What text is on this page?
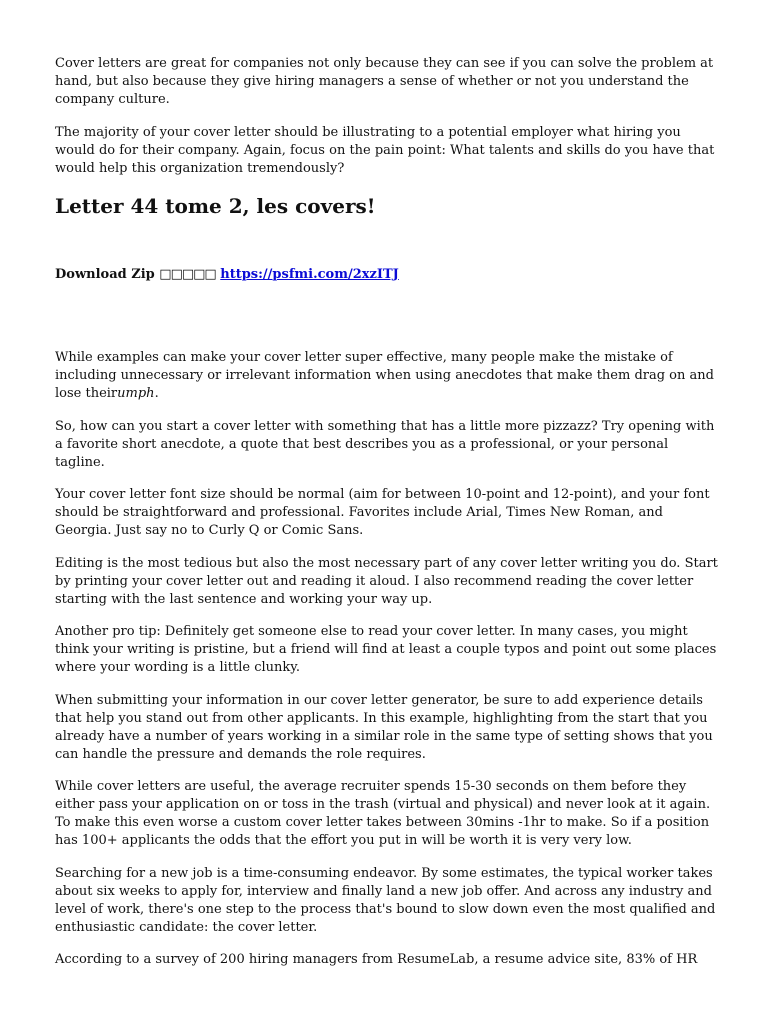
Cover letters are great for companies not only because they can see if you can solve the problem at hand, but also because they give hiring managers a sense of whether or not you understand the company culture.

The majority of your cover letter should be illustrating to a potential employer what hiring you would do for their company. Again, focus on the pain point: What talents and skills do you have that would help this organization tremendously?

Letter 44 tome 2, les covers!
Download Zip □□□□□ https://psfmi.com/2xzITJ

While examples can make your cover letter super effective, many people make the mistake of including unnecessary or irrelevant information when using anecdotes that make them drag on and lose theirumph.

So, how can you start a cover letter with something that has a little more pizzazz? Try opening with a favorite short anecdote, a quote that best describes you as a professional, or your personal tagline.

Your cover letter font size should be normal (aim for between 10-point and 12-point), and your font should be straightforward and professional. Favorites include Arial, Times New Roman, and Georgia. Just say no to Curly Q or Comic Sans.

Editing is the most tedious but also the most necessary part of any cover letter writing you do. Start by printing your cover letter out and reading it aloud. I also recommend reading the cover letter starting with the last sentence and working your way up.

Another pro tip: Definitely get someone else to read your cover letter. In many cases, you might think your writing is pristine, but a friend will find at least a couple typos and point out some places where your wording is a little clunky.

When submitting your information in our cover letter generator, be sure to add experience details that help you stand out from other applicants. In this example, highlighting from the start that you already have a number of years working in a similar role in the same type of setting shows that you can handle the pressure and demands the role requires.

While cover letters are useful, the average recruiter spends 15-30 seconds on them before they either pass your application on or toss in the trash (virtual and physical) and never look at it again. To make this even worse a custom cover letter takes between 30mins -1hr to make. So if a position has 100+ applicants the odds that the effort you put in will be worth it is very very low.

Searching for a new job is a time-consuming endeavor. By some estimates, the typical worker takes about six weeks to apply for, interview and finally land a new job offer. And across any industry and level of work, there's one step to the process that's bound to slow down even the most qualified and enthusiastic candidate: the cover letter.

According to a survey of 200 hiring managers from ResumeLab, a resume advice site, 83% of HR
